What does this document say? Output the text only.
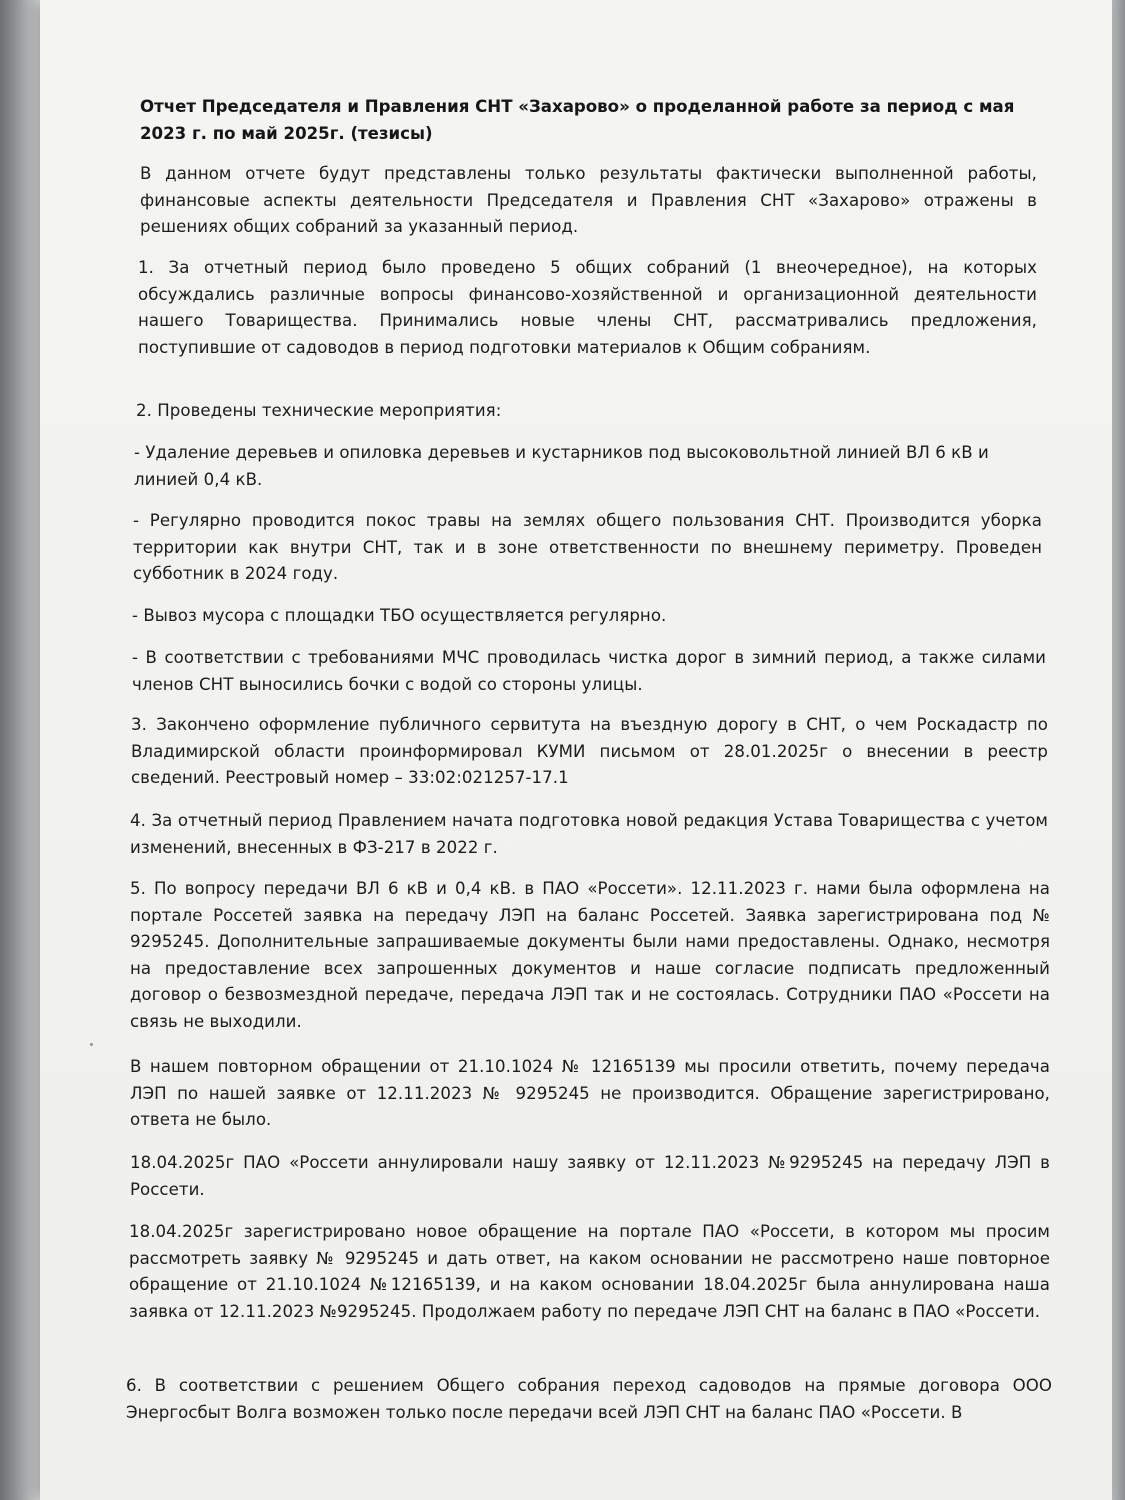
Отчет Председателя и Правления СНТ «Захарово» о проделанной работе за период с мая 2023 г. по май 2025г. (тезисы)
В данном отчете будут представлены только результаты фактически выполненной работы, финансовые аспекты деятельности Председателя и Правления СНТ «Захарово» отражены в решениях общих собраний за указанный период.
1. За отчетный период было проведено 5 общих собраний (1 внеочередное), на которых обсуждались различные вопросы финансово-хозяйственной и организационной деятельности нашего Товарищества. Принимались новые члены СНТ, рассматривались предложения, поступившие от садоводов в период подготовки материалов к Общим собраниям.
2. Проведены технические мероприятия:
- Удаление деревьев и опиловка деревьев и кустарников под высоковольтной линией ВЛ 6 кВ и линией 0,4 кВ.
- Регулярно проводится покос травы на землях общего пользования СНТ. Производится уборка территории как внутри СНТ, так и в зоне ответственности по внешнему периметру. Проведен субботник в 2024 году.
- Вывоз мусора с площадки ТБО осуществляется регулярно.
- В соответствии с требованиями МЧС проводилась чистка дорог в зимний период, а также силами членов СНТ выносились бочки с водой со стороны улицы.
3. Закончено оформление публичного сервитута на въездную дорогу в СНТ, о чем Роскадастр по Владимирской области проинформировал КУМИ письмом от 28.01.2025г о внесении в реестр сведений. Реестровый номер – 33:02:021257-17.1
4. За отчетный период Правлением начата подготовка новой редакция Устава Товарищества с учетом изменений, внесенных в ФЗ-217 в 2022 г.
5. По вопросу передачи ВЛ 6 кВ и 0,4 кВ. в ПАО «Россети». 12.11.2023 г. нами была оформлена на портале Россетей заявка на передачу ЛЭП на баланс Россетей. Заявка зарегистрирована под № 9295245. Дополнительные запрашиваемые документы были нами предоставлены. Однако, несмотря на предоставление всех запрошенных документов и наше согласие подписать предложенный договор о безвозмездной передаче, передача ЛЭП так и не состоялась. Сотрудники ПАО «Россети на связь не выходили.
В нашем повторном обращении от 21.10.1024 № 12165139 мы просили ответить, почему передача ЛЭП по нашей заявке от 12.11.2023 № 9295245 не производится. Обращение зарегистрировано, ответа не было.
18.04.2025г ПАО «Россети аннулировали нашу заявку от 12.11.2023 №9295245 на передачу ЛЭП в Россети.
18.04.2025г зарегистрировано новое обращение на портале ПАО «Россети, в котором мы просим рассмотреть заявку № 9295245 и дать ответ, на каком основании не рассмотрено наше повторное обращение от 21.10.1024 №12165139, и на каком основании 18.04.2025г была аннулирована наша заявка от 12.11.2023 №9295245. Продолжаем работу по передаче ЛЭП СНТ на баланс в ПАО «Россети.
6. В соответствии с решением Общего собрания переход садоводов на прямые договора ООО Энергосбыт Волга возможен только после передачи всей ЛЭП СНТ на баланс ПАО «Россети. В
